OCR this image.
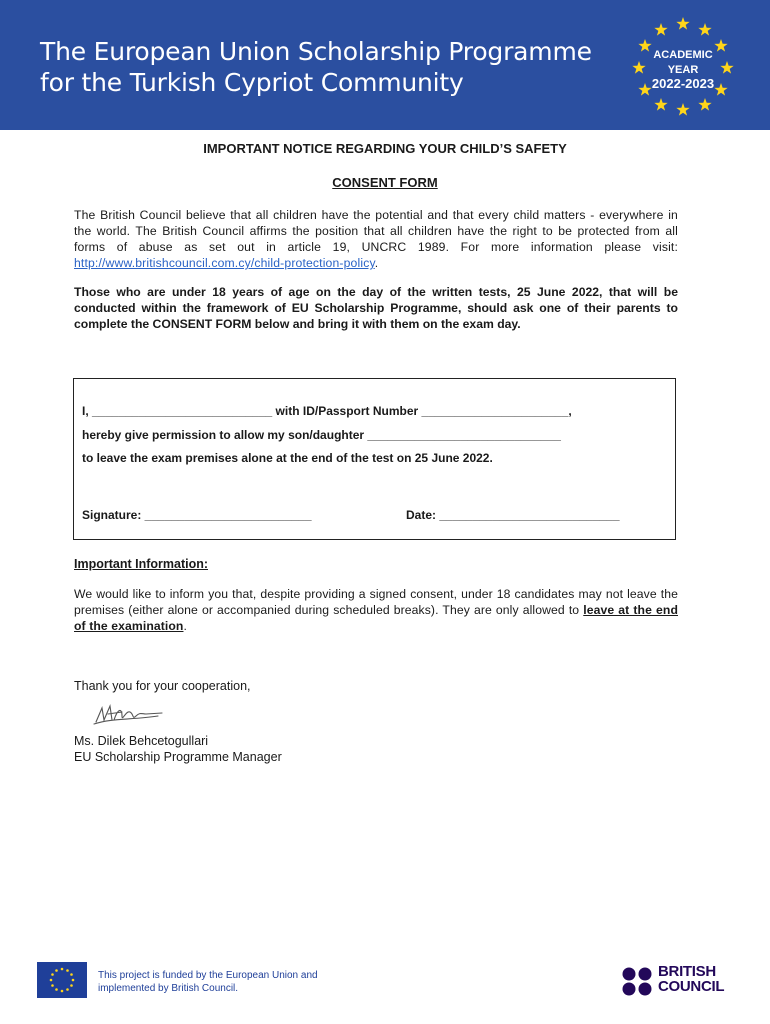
The European Union Scholarship Programme
for the Turkish Cypriot Community
ACADEMIC
YEAR
2022-2023
IMPORTANT NOTICE REGARDING YOUR CHILD’S SAFETY
CONSENT FORM
The British Council believe that all children have the potential and that every child matters - everywhere in the world. The British Council affirms the position that all children have the right to be protected from all forms of abuse as set out in article 19, UNCRC 1989. For more information please visit: http://www.britishcouncil.com.cy/child-protection-policy.
Those who are under 18 years of age on the day of the written tests, 25 June 2022, that will be conducted within the framework of EU Scholarship Programme, should ask one of their parents to complete the CONSENT FORM below and bring it with them on the exam day.
I, ___________________________ with ID/Passport Number ______________________,
hereby give permission to allow my son/daughter _____________________________
to leave the exam premises alone at the end of the test on 25 June 2022.
Signature: _________________________	Date: ___________________________
Important Information:
We would like to inform you that, despite providing a signed consent, under 18 candidates may not leave the premises (either alone or accompanied during scheduled breaks). They are only allowed to leave at the end of the examination.
Thank you for your cooperation,
Ms. Dilek Behcetogullari
EU Scholarship Programme Manager
This project is funded by the European Union and
implemented by British Council.
BRITISH
COUNCIL
